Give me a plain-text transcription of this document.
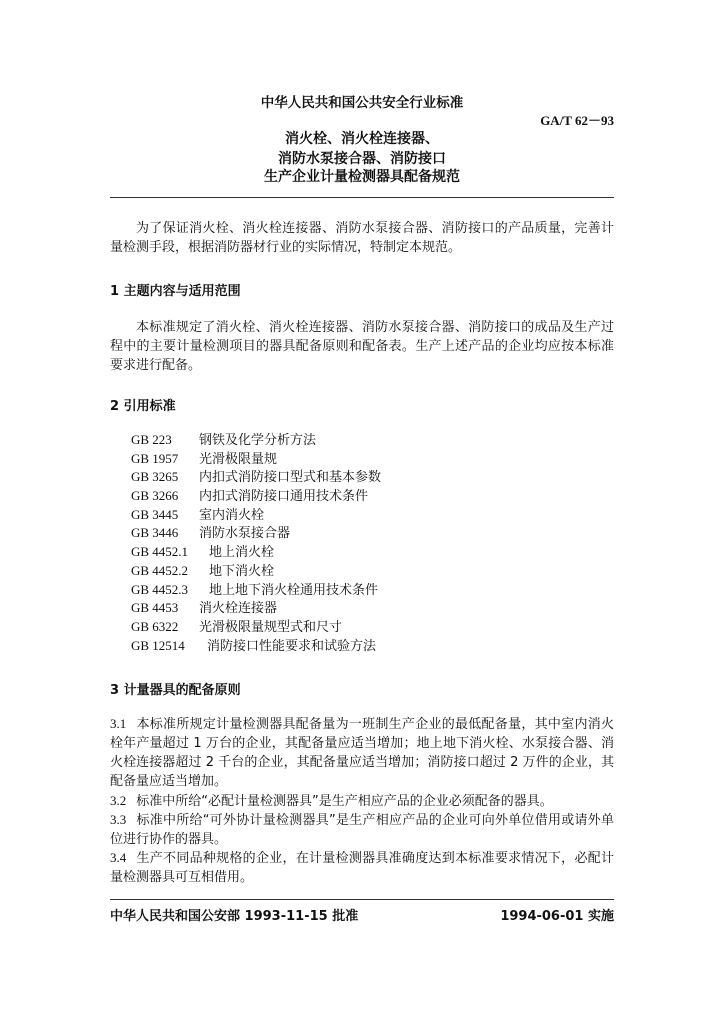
中华人民共和国公共安全行业标准
GA/T 62－93
消火栓、消火栓连接器、
消防水泵接合器、消防接口
生产企业计量检测器具配备规范
为了保证消火栓、消火栓连接器、消防水泵接合器、消防接口的产品质量，完善计量检测手段，根据消防器材行业的实际情况，特制定本规范。
1 主题内容与适用范围
本标准规定了消火栓、消火栓连接器、消防水泵接合器、消防接口的成品及生产过程中的主要计量检测项目的器具配备原则和配备表。生产上述产品的企业均应按本标准要求进行配备。
2 引用标准
GB 223 钢铁及化学分析方法
GB 1957 光滑极限量规
GB 3265 内扣式消防接口型式和基本参数
GB 3266 内扣式消防接口通用技术条件
GB 3445 室内消火栓
GB 3446 消防水泵接合器
GB 4452.1 地上消火栓
GB 4452.2 地下消火栓
GB 4452.3 地上地下消火栓通用技术条件
GB 4453 消火栓连接器
GB 6322 光滑极限量规型式和尺寸
GB 12514 消防接口性能要求和试验方法
3 计量器具的配备原则
3.1 本标准所规定计量检测器具配备量为一班制生产企业的最低配备量，其中室内消火栓年产量超过 1 万台的企业，其配备量应适当增加；地上地下消火栓、水泵接合器、消火栓连接器超过 2 千台的企业，其配备量应适当增加；消防接口超过 2 万件的企业，其配备量应适当增加。
3.2 标准中所给“必配计量检测器具”是生产相应产品的企业必须配备的器具。
3.3 标准中所给“可外协计量检测器具”是生产相应产品的企业可向外单位借用或请外单位进行协作的器具。
3.4 生产不同品种规格的企业，在计量检测器具准确度达到本标准要求情况下，必配计量检测器具可互相借用。
中华人民共和国公安部 1993-11-15 批准	1994-06-01 实施
